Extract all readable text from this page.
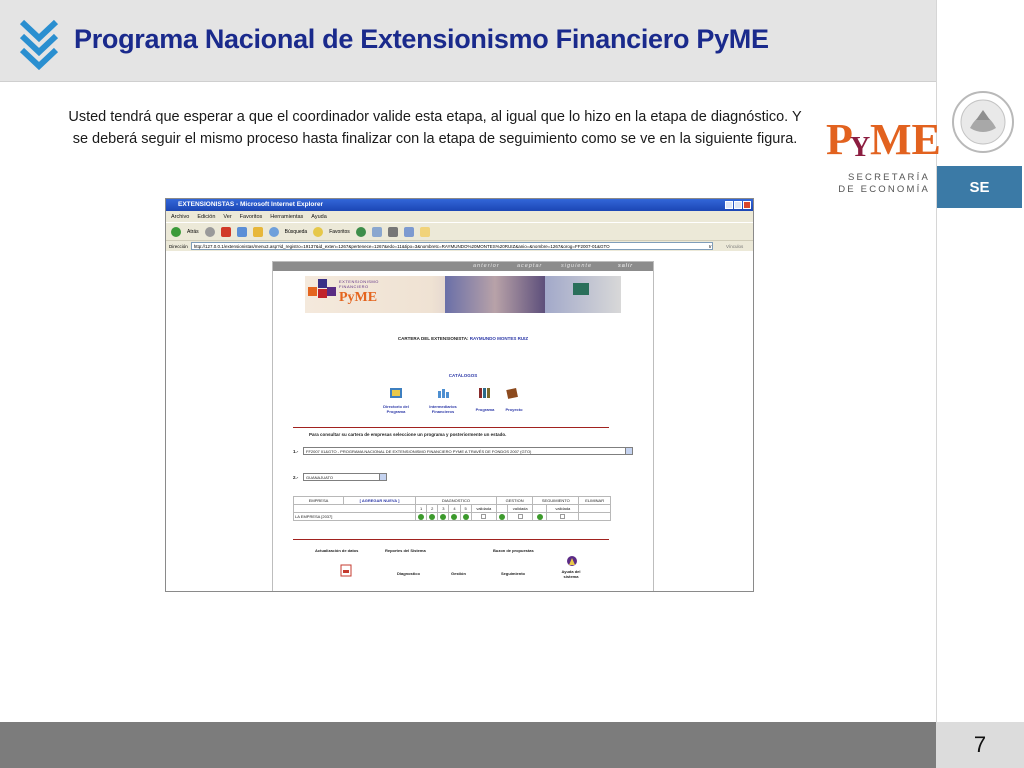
Programa Nacional de Extensionismo Financiero PyME
SE
P
Y ME
SECRETARÍA DE ECONOMÍA
Usted tendrá que esperar a que el coordinador valide esta etapa, al igual que lo hizo en la etapa de diagnóstico. Y se deberá seguir el mismo proceso hasta finalizar con la etapa de seguimiento como se ve en la siguiente figura.
EXTENSIONISTAS - Microsoft Internet Explorer
Archivo Edición Ver Favoritos Herramientas Ayuda
Atrás	Búsqueda	Favoritos
Dirección	http://127.0.0.1/extensionistas/menu3.asp?id_registro=19137&id_exten=1267&pertenece=1267&edo=11&tipo=3&nombretc=RAYMUNDO%20MONTES%20RUIZ&anio=&nombre=1267&orog=FF2007-01&GTO	Ir	Vínculos
anterior	aceptar	siguiente	salir
EXTENSIONISMO FINANCIERO
PyME
CARTERA DEL EXTENSIONISTA: RAYMUNDO MONTES RUIZ
CATÁLOGOS
Directorio del Programa
Intermediarios Financieros	Programa	Proyecto
Para consultar su cartera de empresas seleccione un programa y posteriormente un estado.
1.-	FF2007 01&GTO - PROGRAMA NACIONAL DE EXTENSIONISMO FINANCIERO PYME A TRAVÉS DE FONDOS 2007 (GTO)
2.-	GUANAJUATO
EMPRESA	[ AGREGAR NUEVA ]	DIAGNOSTICO						GESTION		SEGUIMIENTO		ELIMINAR
		1	2	3	4	5	validada		validada		validada	
LA EMPRESA [2037]												
Actualización de datos	Reportes del Sistema	Buzon de propuestas
Diagnostico	Gestión	Seguimiento	Ayuda del sistema
7
